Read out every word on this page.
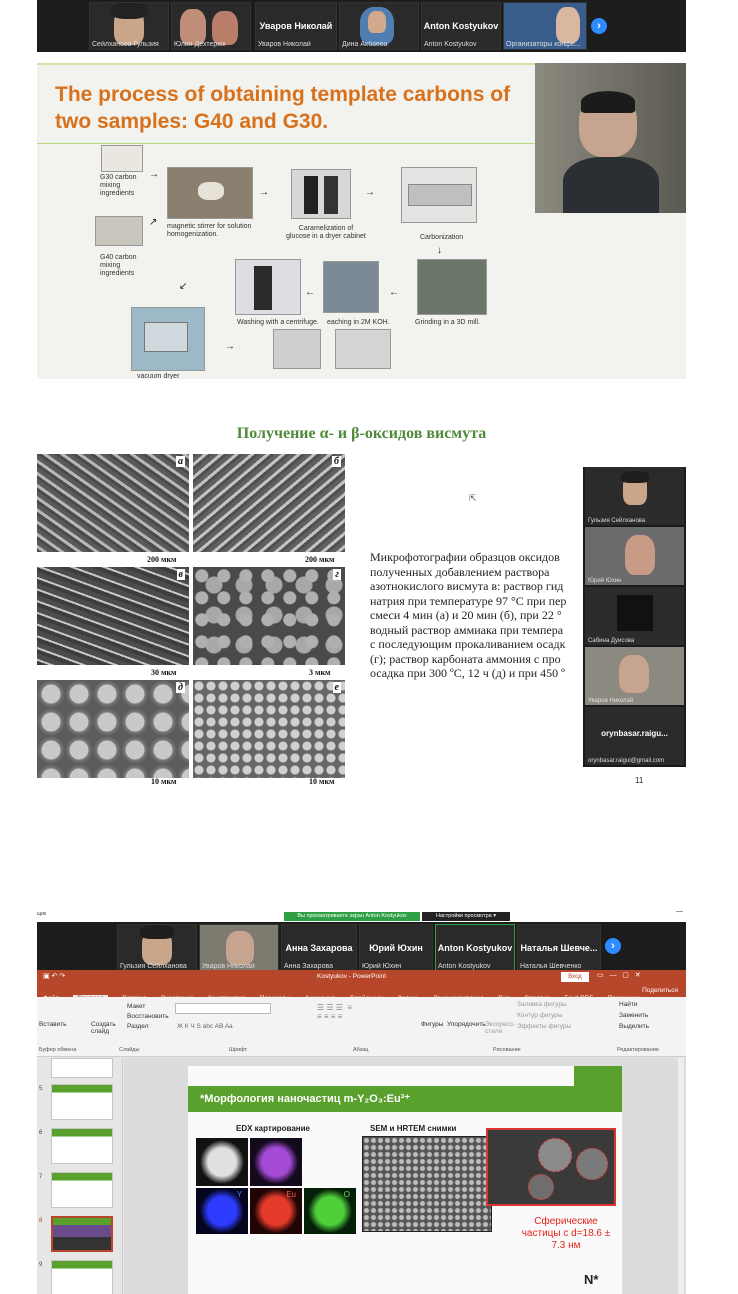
Сейлханова Гульзия	Юлия Дехтерюк
Уваров Николай
Уваров Николай	Дина Акбаева
Anton Kostyukov
Anton Kostyukov	Организаторы конфе...
›
The process of obtaining template carbons of two samples: G40 and G30.
G30 carbon mixing ingredients
G40 carbon mixing ingredients
→
↗ magnetic stirrer for solution homogenization.
→
Caramelization of glucose in a dryer cabinet
→
Carbonization
↓
Grinding in a 3D mill.
←
eaching in 2M KOH.
←
Washing with a centrifuge.
↙
vacuum dryer
→
Получение α- и β-оксидов висмута
а
200 мкм
б
200 мкм
в
30 мкм
г
3 мкм
д
10 мкм
е
10 мкм
Микрофотографии образцов оксидов
полученных добавлением раствора
азотнокислого висмута в: раствор гид
натрия при температуре 97 °С при пер
смеси 4 мин (а) и 20 мин (б), при 22 °
водный раствор аммиака при темпера
с последующим прокаливанием осадк
(г); раствор карбоната аммония с про
осадка при 300 ºС, 12 ч (д) и при 450 º
⇱
Гульзия Сейлханова
Юрий Юхин
Сабина Дуисова
Уваров Николай
orynbasar.raigu...
orynbasar.raigul@gmail.com
11
щик	Вы просматриваете экран Anton Kostyukov	Настройки просмотра ▾
—
Гульзия Сейлханова	Уваров Николай
Анна Захарова
Анна Захарова
Юрий Юхин
Юрий Юхин
Anton Kostyukov
Anton Kostyukov
Наталья Шевче...
Наталья Шевченко
›
▣ ↶ ↷	Kostyukov - PowerPoint	Вход	▭   —   ▢   ✕

Поделиться
Вставить	Создать слайд
Макет
Восстановить
Раздел	Ж К Ч S abc AB Aa
☰ ☰ ☰  ≡
≡ ≡ ≡ ≡
Фигуры Упорядочить Экспресс-стили
Заливка фигуры
Контур фигуры
Эффекты фигуры
Найти
Заменить
Выделить
Буфер обмена	Слайды	Шрифт	Абзац	Рисование	Редактирование
5
6
7
8
9
*Морфология наночастиц m-Y₂O₃:Eu³⁺
EDX картирование	SEM и HRTEM снимки
Y	Eu	O
Сферические частицы с d=18.6 ± 7.3 нм
N*
